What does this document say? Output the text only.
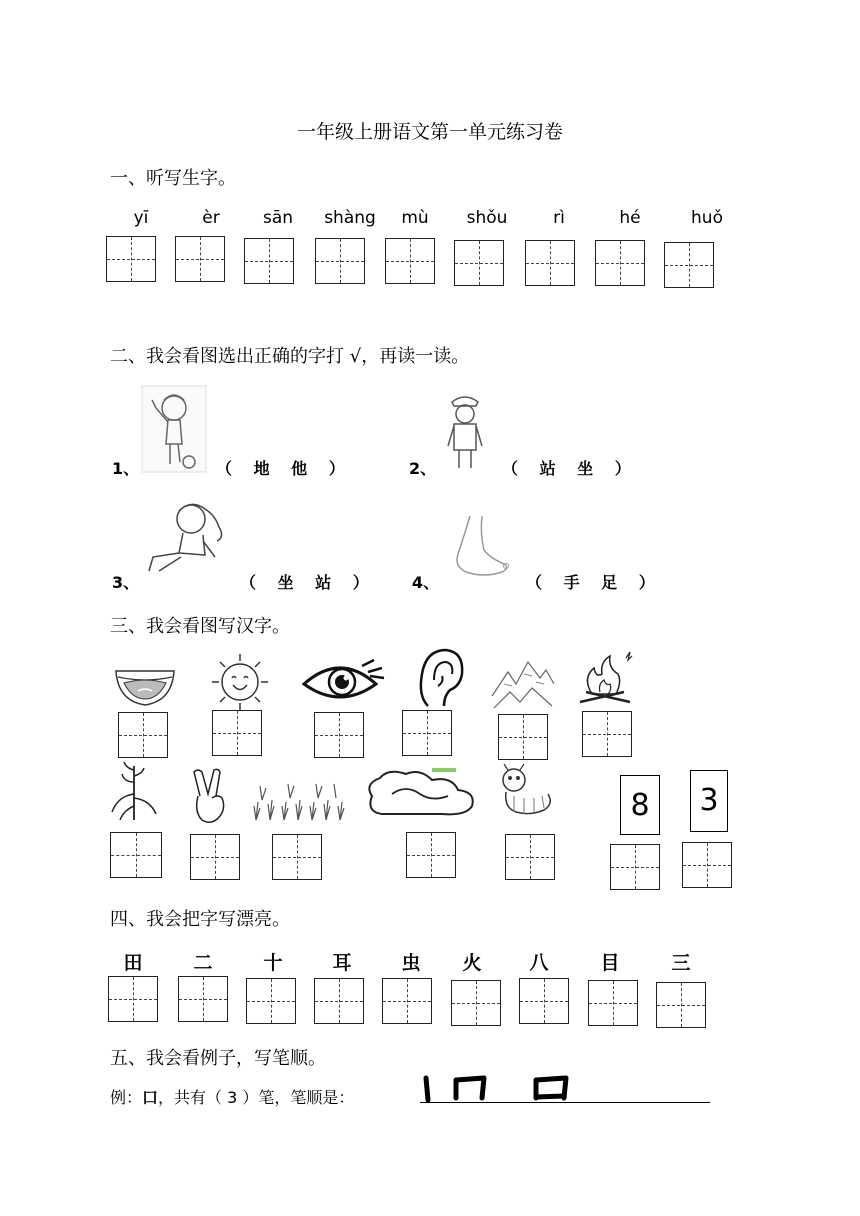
一年级上册语文第一单元练习卷
一、听写生字。
yī	èr	sān	shàng	mù	shǒu	rì	hé	huǒ
二、我会看图选出正确的字打 √，再读一读。
1、	（ 地 他 ）	2、	（ 站 坐 ）
3、	（ 坐 站 ） 4、	（ 手 足 ）
三、我会看图写汉字。
8	3
四、我会把字写漂亮。
田	二	十	耳	虫	火	八	目	三
五、我会看例子，写笔顺。
例：口，共有（ 3 ）笔，笔顺是：
